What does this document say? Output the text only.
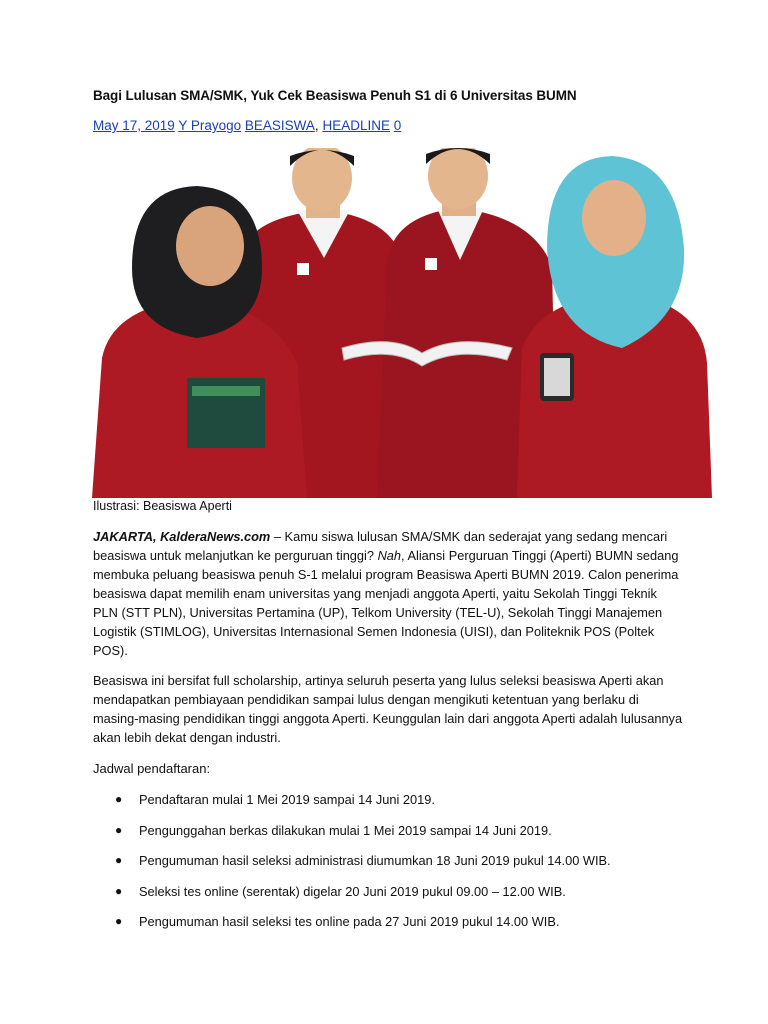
Bagi Lulusan SMA/SMK, Yuk Cek Beasiswa Penuh S1 di 6 Universitas BUMN
May 17, 2019 Y Prayogo BEASISWA, HEADLINE 0
Ilustrasi: Beasiswa Aperti

JAKARTA, KalderaNews.com – Kamu siswa lulusan SMA/SMK dan sederajat yang sedang mencari beasiswa untuk melanjutkan ke perguruan tinggi? Nah, Aliansi Perguruan Tinggi (Aperti) BUMN sedang membuka peluang beasiswa penuh S-1 melalui program Beasiswa Aperti BUMN 2019. Calon penerima beasiswa dapat memilih enam universitas yang menjadi anggota Aperti, yaitu Sekolah Tinggi Teknik PLN (STT PLN), Universitas Pertamina (UP), Telkom University (TEL-U), Sekolah Tinggi Manajemen Logistik (STIMLOG), Universitas Internasional Semen Indonesia (UISI), dan Politeknik POS (Poltek POS).

Beasiswa ini bersifat full scholarship, artinya seluruh peserta yang lulus seleksi beasiswa Aperti akan mendapatkan pembiayaan pendidikan sampai lulus dengan mengikuti ketentuan yang berlaku di masing-masing pendidikan tinggi anggota Aperti. Keunggulan lain dari anggota Aperti adalah lulusannya akan lebih dekat dengan industri.

Jadwal pendaftaran:
● Pendaftaran mulai 1 Mei 2019 sampai 14 Juni 2019.
● Pengunggahan berkas dilakukan mulai 1 Mei 2019 sampai 14 Juni 2019.
● Pengumuman hasil seleksi administrasi diumumkan 18 Juni 2019 pukul 14.00 WIB.
● Seleksi tes online (serentak) digelar 20 Juni 2019 pukul 09.00 – 12.00 WIB.
● Pengumuman hasil seleksi tes online pada 27 Juni 2019 pukul 14.00 WIB.
